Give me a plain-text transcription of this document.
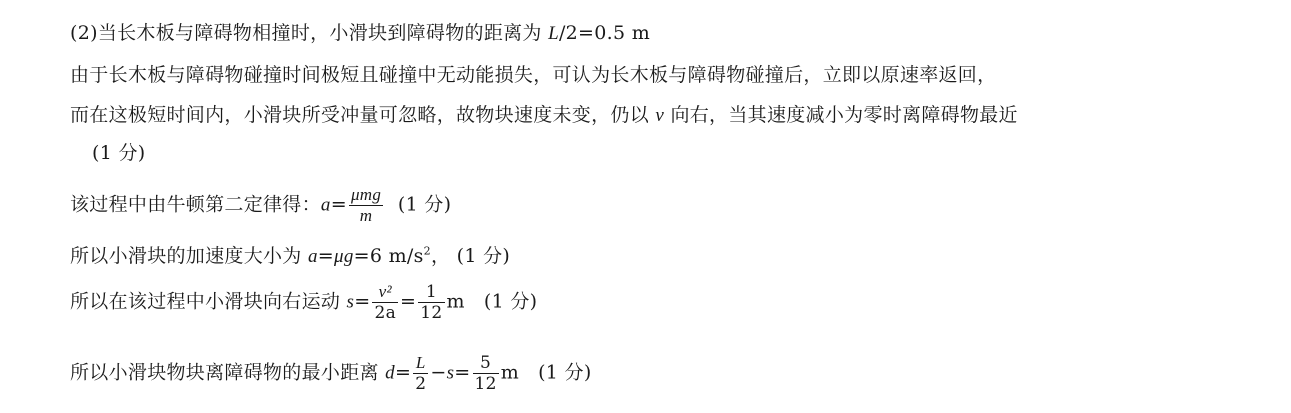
(2)当长木板与障碍物相撞时，小滑块到障碍物的距离为 L/2=0.5 m
由于长木板与障碍物碰撞时间极短且碰撞中无动能损失，可认为长木板与障碍物碰撞后，立即以原速率返回，
而在这极短时间内，小滑块所受冲量可忽略，故物块速度未变，仍以 v 向右，当其速度减小为零时离障碍物最近
(1 分)
该过程中由牛顿第二定律得：$a= \frac{\text{μmg}}{m} (1$ 分)
所以小滑块的加速度大小为 a=μg=6 $m/s^2$， (1 分)
所以在该过程中小滑块向右运动 $s= \frac{\text{v²}}{2a} = \frac{1}{12}$ m (1 分)
所以小滑块物块离障碍物的最小距离 $d= \frac{L}{2} -s= \frac{5}{12}$ m (1 分)
